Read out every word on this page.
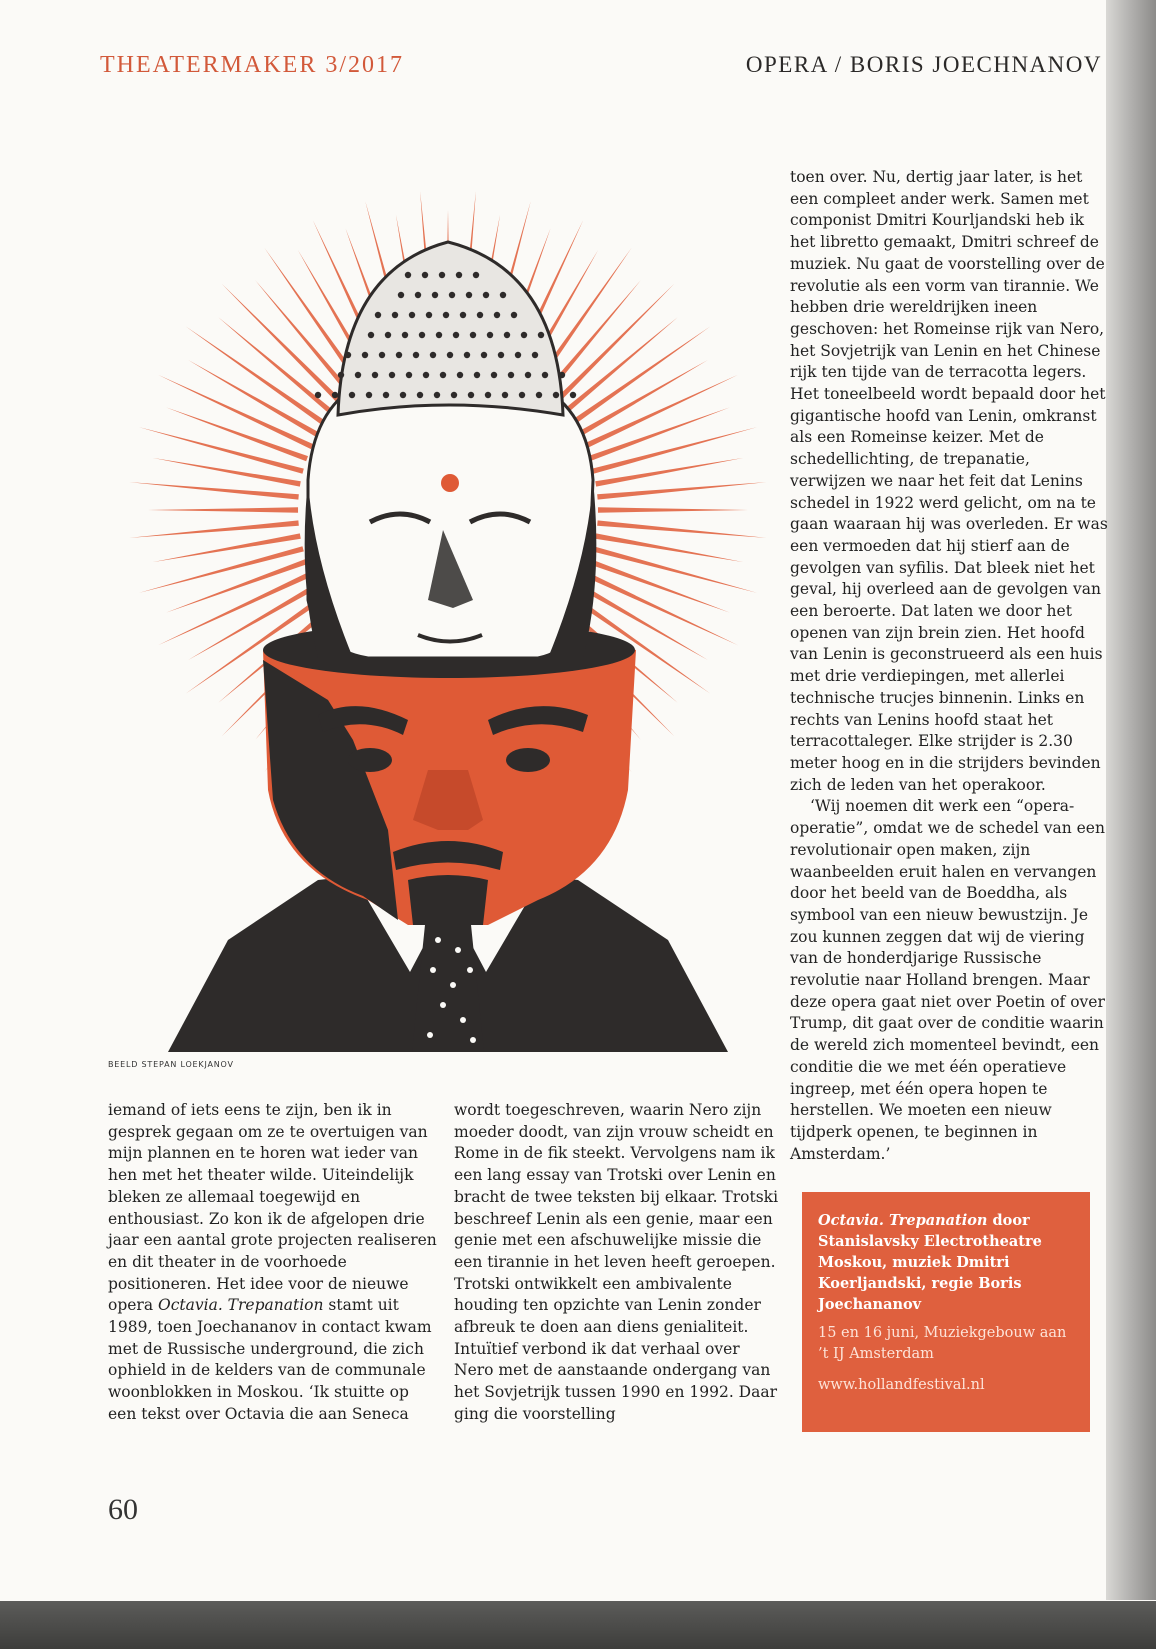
THEATERMAKER 3/2017	OPERA / BORIS JOECHNANOV
BEELD STEPAN LOEKJANOV

toen over. Nu, dertig jaar later, is het een compleet ander werk. Samen met componist Dmitri Kourljandski heb ik het libretto gemaakt, Dmitri schreef de muziek. Nu gaat de voorstelling over de revolutie als een vorm van tirannie. We hebben drie wereldrijken ineen geschoven: het Romeinse rijk van Nero, het Sovjetrijk van Lenin en het Chinese rijk ten tijde van de terracotta legers. Het toneelbeeld wordt bepaald door het gigantische hoofd van Lenin, omkranst als een Romeinse keizer. Met de schedellichting, de trepanatie, verwijzen we naar het feit dat Lenins schedel in 1922 werd gelicht, om na te gaan waaraan hij was overleden. Er was een vermoeden dat hij stierf aan de gevolgen van syfilis. Dat bleek niet het geval, hij overleed aan de gevolgen van een beroerte. Dat laten we door het openen van zijn brein zien. Het hoofd van Lenin is geconstrueerd als een huis met drie verdiepingen, met allerlei technische trucjes binnenin. Links en rechts van Lenins hoofd staat het terracottaleger. Elke strijder is 2.30 meter hoog en in die strijders bevinden zich de leden van het operakoor.

‘Wij noemen dit werk een “opera-operatie”, omdat we de schedel van een revolutionair open maken, zijn waanbeelden eruit halen en vervangen door het beeld van de Boeddha, als symbool van een nieuw bewustzijn. Je zou kunnen zeggen dat wij de viering van de honderdjarige Russische revolutie naar Holland brengen. Maar deze opera gaat niet over Poetin of over Trump, dit gaat over de conditie waarin de wereld zich momenteel bevindt, een conditie die we met één operatieve ingreep, met één opera hopen te herstellen. We moeten een nieuw tijdperk openen, te beginnen in Amsterdam.’

iemand of iets eens te zijn, ben ik in gesprek gegaan om ze te overtuigen van mijn plannen en te horen wat ieder van hen met het theater wilde. Uiteindelijk bleken ze allemaal toegewijd en enthousiast. Zo kon ik de afgelopen drie jaar een aantal grote projecten realiseren en dit theater in de voorhoede positioneren. Het idee voor de nieuwe opera Octavia. Trepanation stamt uit 1989, toen Joechananov in contact kwam met de Russische underground, die zich ophield in de kelders van de communale woonblokken in Moskou. ‘Ik stuitte op een tekst over Octavia die aan Seneca

wordt toegeschreven, waarin Nero zijn moeder doodt, van zijn vrouw scheidt en Rome in de fik steekt. Vervolgens nam ik een lang essay van Trotski over Lenin en bracht de twee teksten bij elkaar. Trotski beschreef Lenin als een genie, maar een genie met een afschuwelijke missie die een tirannie in het leven heeft geroepen. Trotski ontwikkelt een ambivalente houding ten opzichte van Lenin zonder afbreuk te doen aan diens genialiteit. Intuïtief verbond ik dat verhaal over Nero met de aanstaande ondergang van het Sovjetrijk tussen 1990 en 1992. Daar ging die voorstelling

Octavia. Trepanation door Stanislavsky Electrotheatre Moskou, muziek Dmitri Koerljandski, regie Boris Joechananov

15 en 16 juni, Muziekgebouw aan ’t IJ Amsterdam

www.hollandfestival.nl

60
